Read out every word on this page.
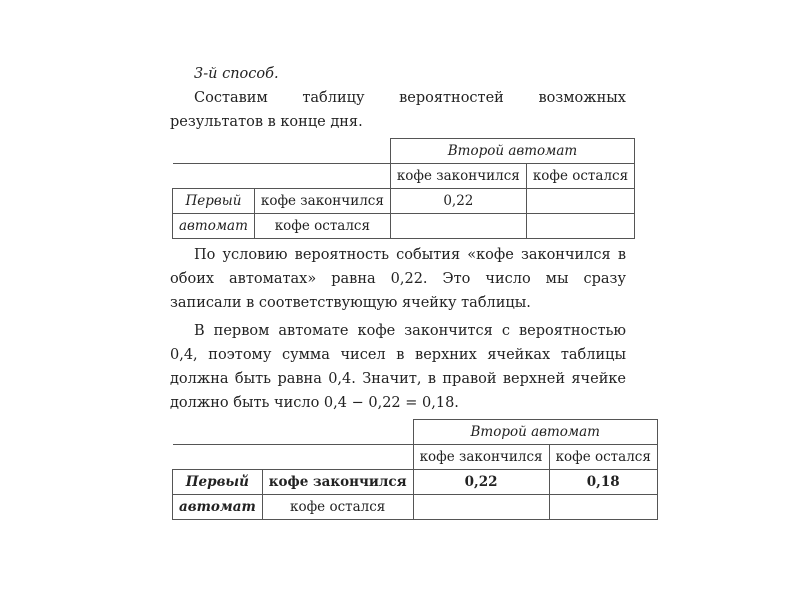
3-й способ.

Составим таблицу вероятностей возможных результатов в конце дня.

		Второй автомат	
		кофе закончился	кофе остался
Первый	кофе закончился	0,22	
автомат	кофе остался		

По условию вероятность события «кофе закончился в обоих автоматах» равна 0,22. Это число мы сразу записали в соответствующую ячейку таблицы.

В первом автомате кофе закончится с вероятностью 0,4, поэтому сумма чисел в верхних ячейках таблицы должна быть равна 0,4. Значит, в правой верхней ячейке должно быть число 0,4 − 0,22 = 0,18.

		Второй автомат	
		кофе закончился	кофе остался
Первый	кофе закончился	0,22	0,18
автомат	кофе остался		
